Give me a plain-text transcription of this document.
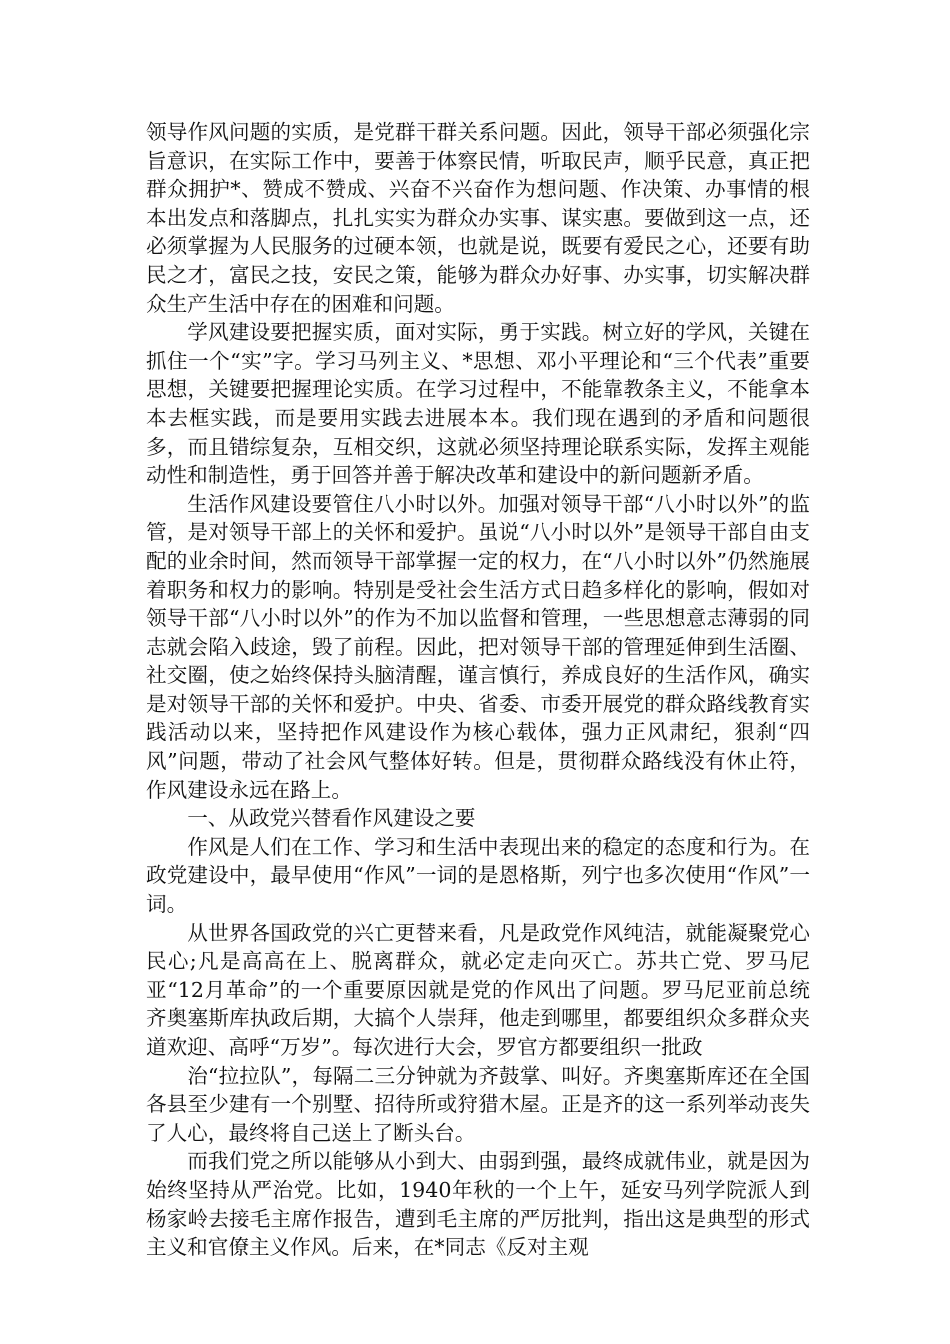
领导作风问题的实质，是党群干群关系问题。因此，领导干部必须强化宗旨意识，在实际工作中，要善于体察民情，听取民声，顺乎民意，真正把群众拥护*、赞成不赞成、兴奋不兴奋作为想问题、作决策、办事情的根本出发点和落脚点，扎扎实实为群众办实事、谋实惠。要做到这一点，还必须掌握为人民服务的过硬本领，也就是说，既要有爱民之心，还要有助民之才，富民之技，安民之策，能够为群众办好事、办实事，切实解决群众生产生活中存在的困难和问题。

学风建设要把握实质，面对实际，勇于实践。树立好的学风，关键在抓住一个“实”字。学习马列主义、*思想、邓小平理论和“三个代表”重要思想，关键要把握理论实质。在学习过程中，不能靠教条主义，不能拿本本去框实践，而是要用实践去进展本本。我们现在遇到的矛盾和问题很多，而且错综复杂，互相交织，这就必须坚持理论联系实际，发挥主观能动性和制造性，勇于回答并善于解决改革和建设中的新问题新矛盾。

生活作风建设要管住八小时以外。加强对领导干部“八小时以外”的监管，是对领导干部上的关怀和爱护。虽说“八小时以外”是领导干部自由支配的业余时间，然而领导干部掌握一定的权力，在“八小时以外”仍然施展着职务和权力的影响。特别是受社会生活方式日趋多样化的影响，假如对领导干部“八小时以外”的作为不加以监督和管理，一些思想意志薄弱的同志就会陷入歧途，毁了前程。因此，把对领导干部的管理延伸到生活圈、社交圈，使之始终保持头脑清醒，谨言慎行，养成良好的生活作风，确实是对领导干部的关怀和爱护。中央、省委、市委开展党的群众路线教育实践活动以来，坚持把作风建设作为核心载体，强力正风肃纪，狠刹“四风”问题，带动了社会风气整体好转。但是，贯彻群众路线没有休止符，作风建设永远在路上。

一、从政党兴替看作风建设之要

作风是人们在工作、学习和生活中表现出来的稳定的态度和行为。在政党建设中，最早使用“作风”一词的是恩格斯，列宁也多次使用“作风”一词。

从世界各国政党的兴亡更替来看，凡是政党作风纯洁，就能凝聚党心民心;凡是高高在上、脱离群众，就必定走向灭亡。苏共亡党、罗马尼亚“12月革命”的一个重要原因就是党的作风出了问题。罗马尼亚前总统齐奥塞斯库执政后期，大搞个人崇拜，他走到哪里，都要组织众多群众夹道欢迎、高呼“万岁”。每次进行大会，罗官方都要组织一批政

治“拉拉队”，每隔二三分钟就为齐鼓掌、叫好。齐奥塞斯库还在全国各县至少建有一个别墅、招待所或狩猎木屋。正是齐的这一系列举动丧失了人心，最终将自己送上了断头台。

而我们党之所以能够从小到大、由弱到强，最终成就伟业，就是因为始终坚持从严治党。比如，1940年秋的一个上午，延安马列学院派人到杨家岭去接毛主席作报告，遭到毛主席的严厉批判，指出这是典型的形式主义和官僚主义作风。后来，在*同志《反对主观
